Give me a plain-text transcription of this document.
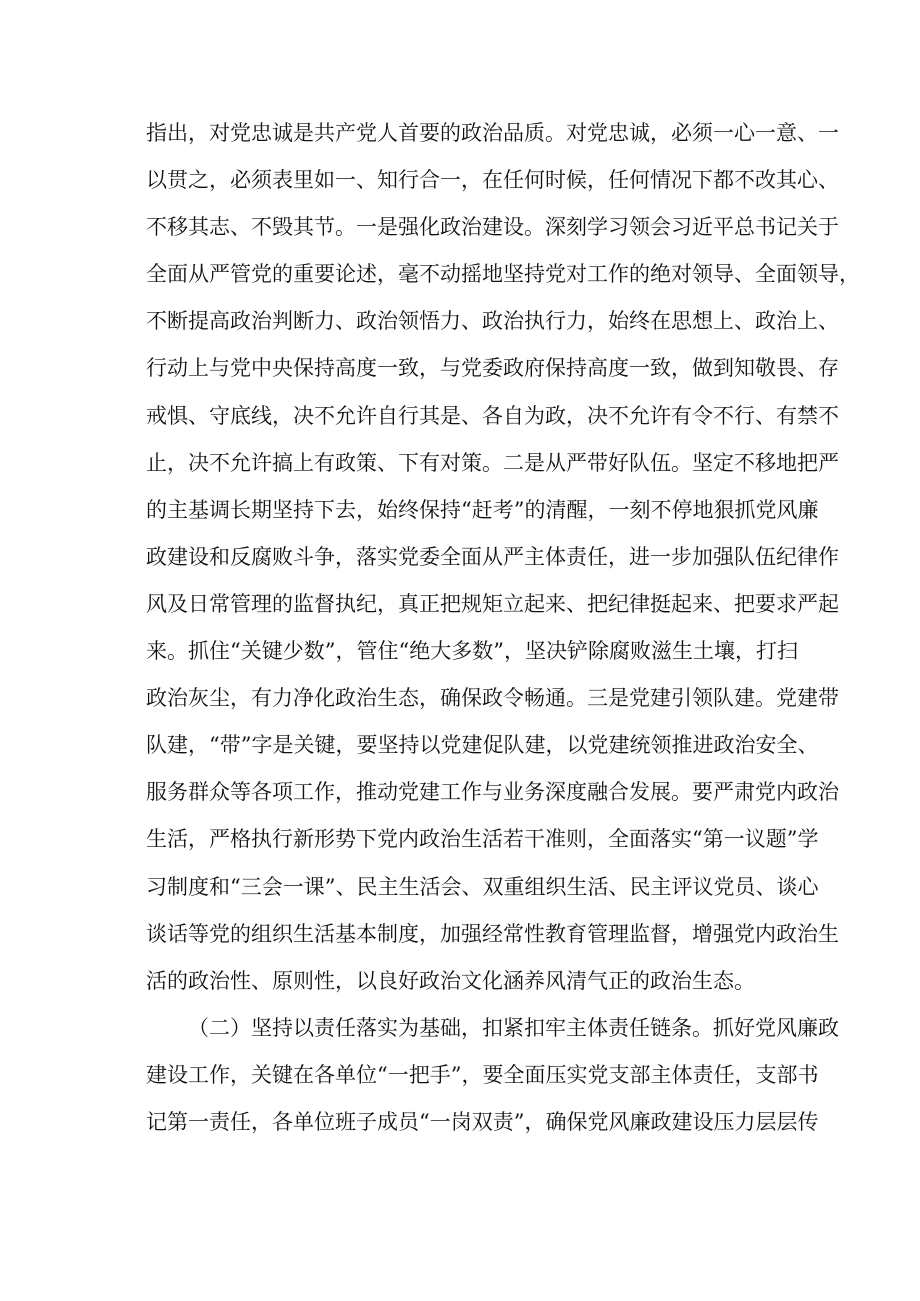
指出，对党忠诚是共产党人首要的政治品质。对党忠诚，必须一心一意、一
以贯之，必须表里如一、知行合一，在任何时候，任何情况下都不改其心、
不移其志、不毁其节。一是强化政治建设。深刻学习领会习近平总书记关于
全面从严管党的重要论述，毫不动摇地坚持党对工作的绝对领导、全面领导，
不断提高政治判断力、政治领悟力、政治执行力，始终在思想上、政治上、
行动上与党中央保持高度一致，与党委政府保持高度一致，做到知敬畏、存
戒惧、守底线，决不允许自行其是、各自为政，决不允许有令不行、有禁不
止，决不允许搞上有政策、下有对策。二是从严带好队伍。坚定不移地把严
的主基调长期坚持下去，始终保持“赶考”的清醒，一刻不停地狠抓党风廉
政建设和反腐败斗争，落实党委全面从严主体责任，进一步加强队伍纪律作
风及日常管理的监督执纪，真正把规矩立起来、把纪律挺起来、把要求严起
来。抓住“关键少数”，管住“绝大多数”，坚决铲除腐败滋生土壤，打扫
政治灰尘，有力净化政治生态，确保政令畅通。三是党建引领队建。党建带
队建，“带”字是关键，要坚持以党建促队建，以党建统领推进政治安全、
服务群众等各项工作，推动党建工作与业务深度融合发展。要严肃党内政治
生活，严格执行新形势下党内政治生活若干准则，全面落实“第一议题”学
习制度和“三会一课”、民主生活会、双重组织生活、民主评议党员、谈心
谈话等党的组织生活基本制度，加强经常性教育管理监督，增强党内政治生
活的政治性、原则性，以良好政治文化涵养风清气正的政治生态。
（二）坚持以责任落实为基础，扣紧扣牢主体责任链条。抓好党风廉政
建设工作，关键在各单位“一把手”，要全面压实党支部主体责任，支部书
记第一责任，各单位班子成员“一岗双责”，确保党风廉政建设压力层层传
